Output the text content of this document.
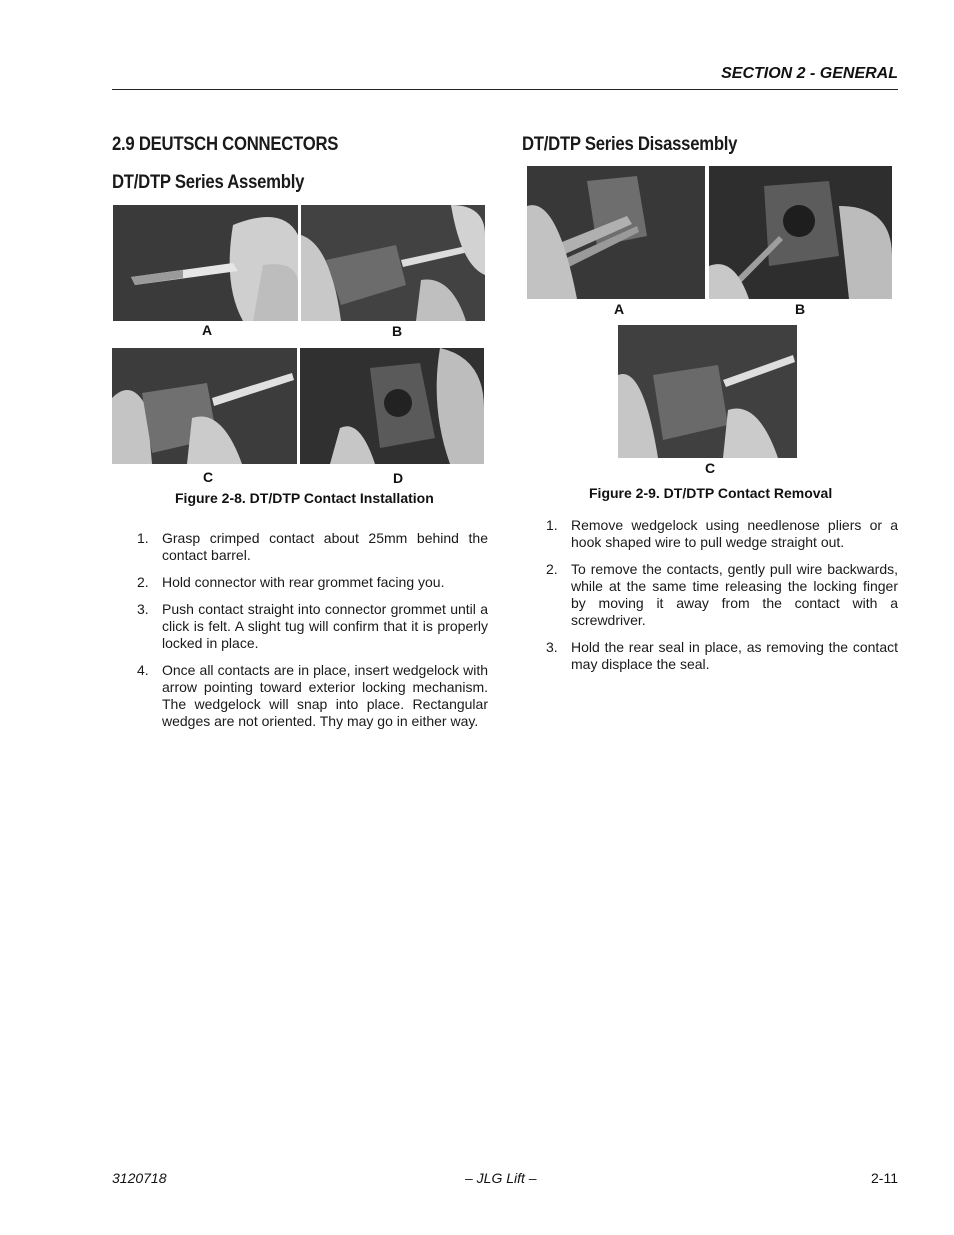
SECTION 2 - GENERAL
2.9 DEUTSCH CONNECTORS
DT/DTP Series Assembly
A	B
C	D
Figure 2-8. DT/DTP Contact Installation
1. Grasp crimped contact about 25mm behind the contact barrel.
2. Hold connector with rear grommet facing you.
3. Push contact straight into connector grommet until a click is felt. A slight tug will confirm that it is properly locked in place.
4. Once all contacts are in place, insert wedgelock with arrow pointing toward exterior locking mechanism. The wedgelock will snap into place. Rectangular wedges are not oriented. Thy may go in either way.
DT/DTP Series Disassembly
A	B
C
Figure 2-9. DT/DTP Contact Removal
1. Remove wedgelock using needlenose pliers or a hook shaped wire to pull wedge straight out.
2. To remove the contacts, gently pull wire backwards, while at the same time releasing the locking finger by moving it away from the contact with a screwdriver.
3. Hold the rear seal in place, as removing the contact may displace the seal.
3120718	– JLG Lift –	2-11
